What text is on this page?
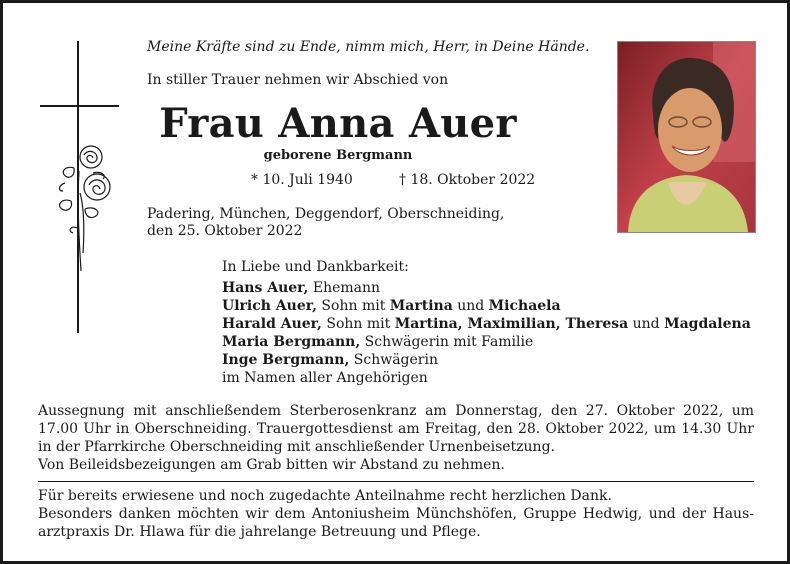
Meine Kräfte sind zu Ende, nimm mich, Herr, in Deine Hände.
In stiller Trauer nehmen wir Abschied von
Frau Anna Auer
geborene Bergmann
* 10. Juli 1940	† 18. Oktober 2022
Padering, München, Deggendorf, Oberschneiding,
den 25. Oktober 2022
In Liebe und Dankbarkeit:
Hans Auer, Ehemann
Ulrich Auer, Sohn mit Martina und Michaela
Harald Auer, Sohn mit Martina, Maximilian, Theresa und Magdalena
Maria Bergmann, Schwägerin mit Familie
Inge Bergmann, Schwägerin
im Namen aller Angehörigen
Aussegnung mit anschließendem Sterberosenkranz am Donnerstag, den 27. Oktober 2022, um 17.00 Uhr in Oberschneiding. Trauergottesdienst am Freitag, den 28. Oktober 2022, um 14.30 Uhr in der Pfarrkirche Oberschneiding mit anschließender Urnenbeisetzung.
Von Beileidsbezeigungen am Grab bitten wir Abstand zu nehmen.
Für bereits erwiesene und noch zugedachte Anteilnahme recht herzlichen Dank.
Besonders danken möchten wir dem Antoniusheim Münchshöfen, Gruppe Hedwig, und der Hausarztpraxis Dr. Hlawa für die jahrelange Betreuung und Pflege.
